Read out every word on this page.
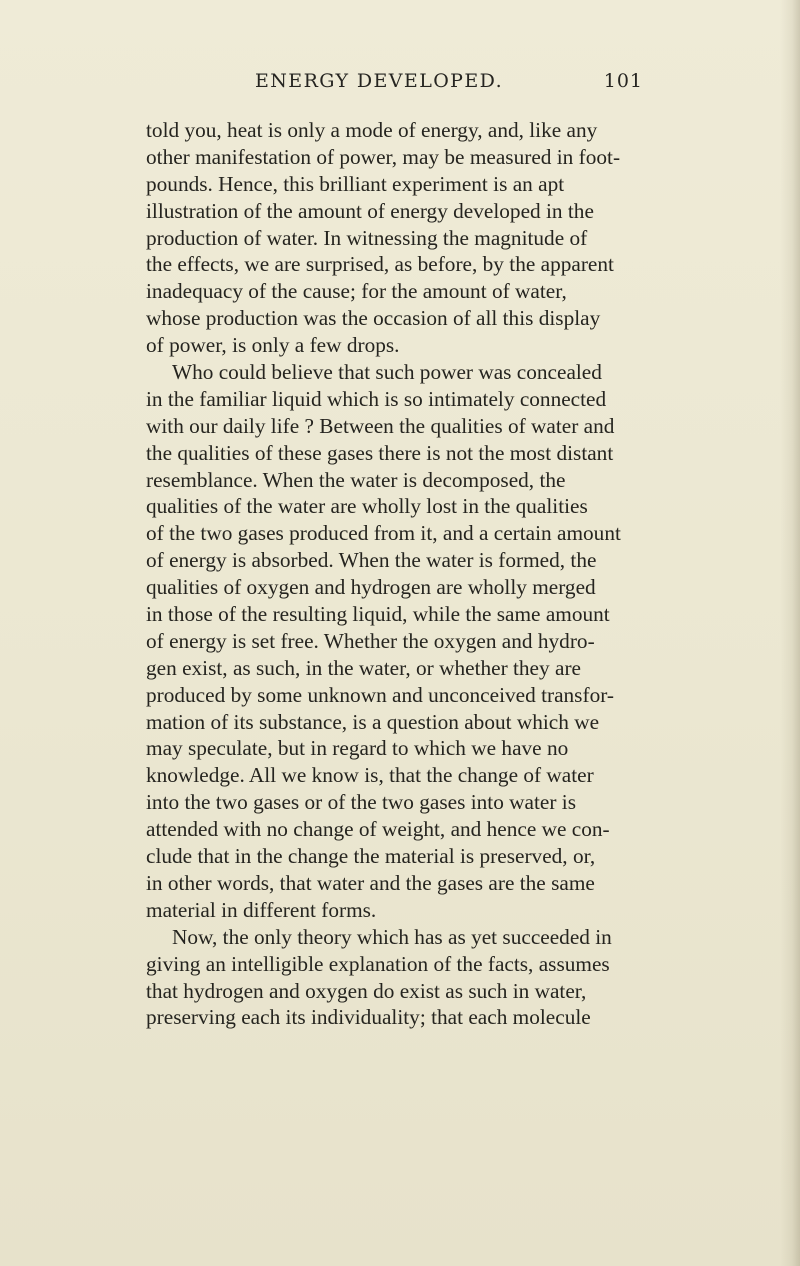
ENERGY DEVELOPED.	101
told you, heat is only a mode of energy, and, like any
other manifestation of power, may be measured in foot-
pounds. Hence, this brilliant experiment is an apt
illustration of the amount of energy developed in the
production of water. In witnessing the magnitude of
the effects, we are surprised, as before, by the apparent
inadequacy of the cause; for the amount of water,
whose production was the occasion of all this display
of power, is only a few drops.
Who could believe that such power was concealed
in the familiar liquid which is so intimately connected
with our daily life ? Between the qualities of water and
the qualities of these gases there is not the most distant
resemblance. When the water is decomposed, the
qualities of the water are wholly lost in the qualities
of the two gases produced from it, and a certain amount
of energy is absorbed. When the water is formed, the
qualities of oxygen and hydrogen are wholly merged
in those of the resulting liquid, while the same amount
of energy is set free. Whether the oxygen and hydro-
gen exist, as such, in the water, or whether they are
produced by some unknown and unconceived transfor-
mation of its substance, is a question about which we
may speculate, but in regard to which we have no
knowledge. All we know is, that the change of water
into the two gases or of the two gases into water is
attended with no change of weight, and hence we con-
clude that in the change the material is preserved, or,
in other words, that water and the gases are the same
material in different forms.
Now, the only theory which has as yet succeeded in
giving an intelligible explanation of the facts, assumes
that hydrogen and oxygen do exist as such in water,
preserving each its individuality; that each molecule
